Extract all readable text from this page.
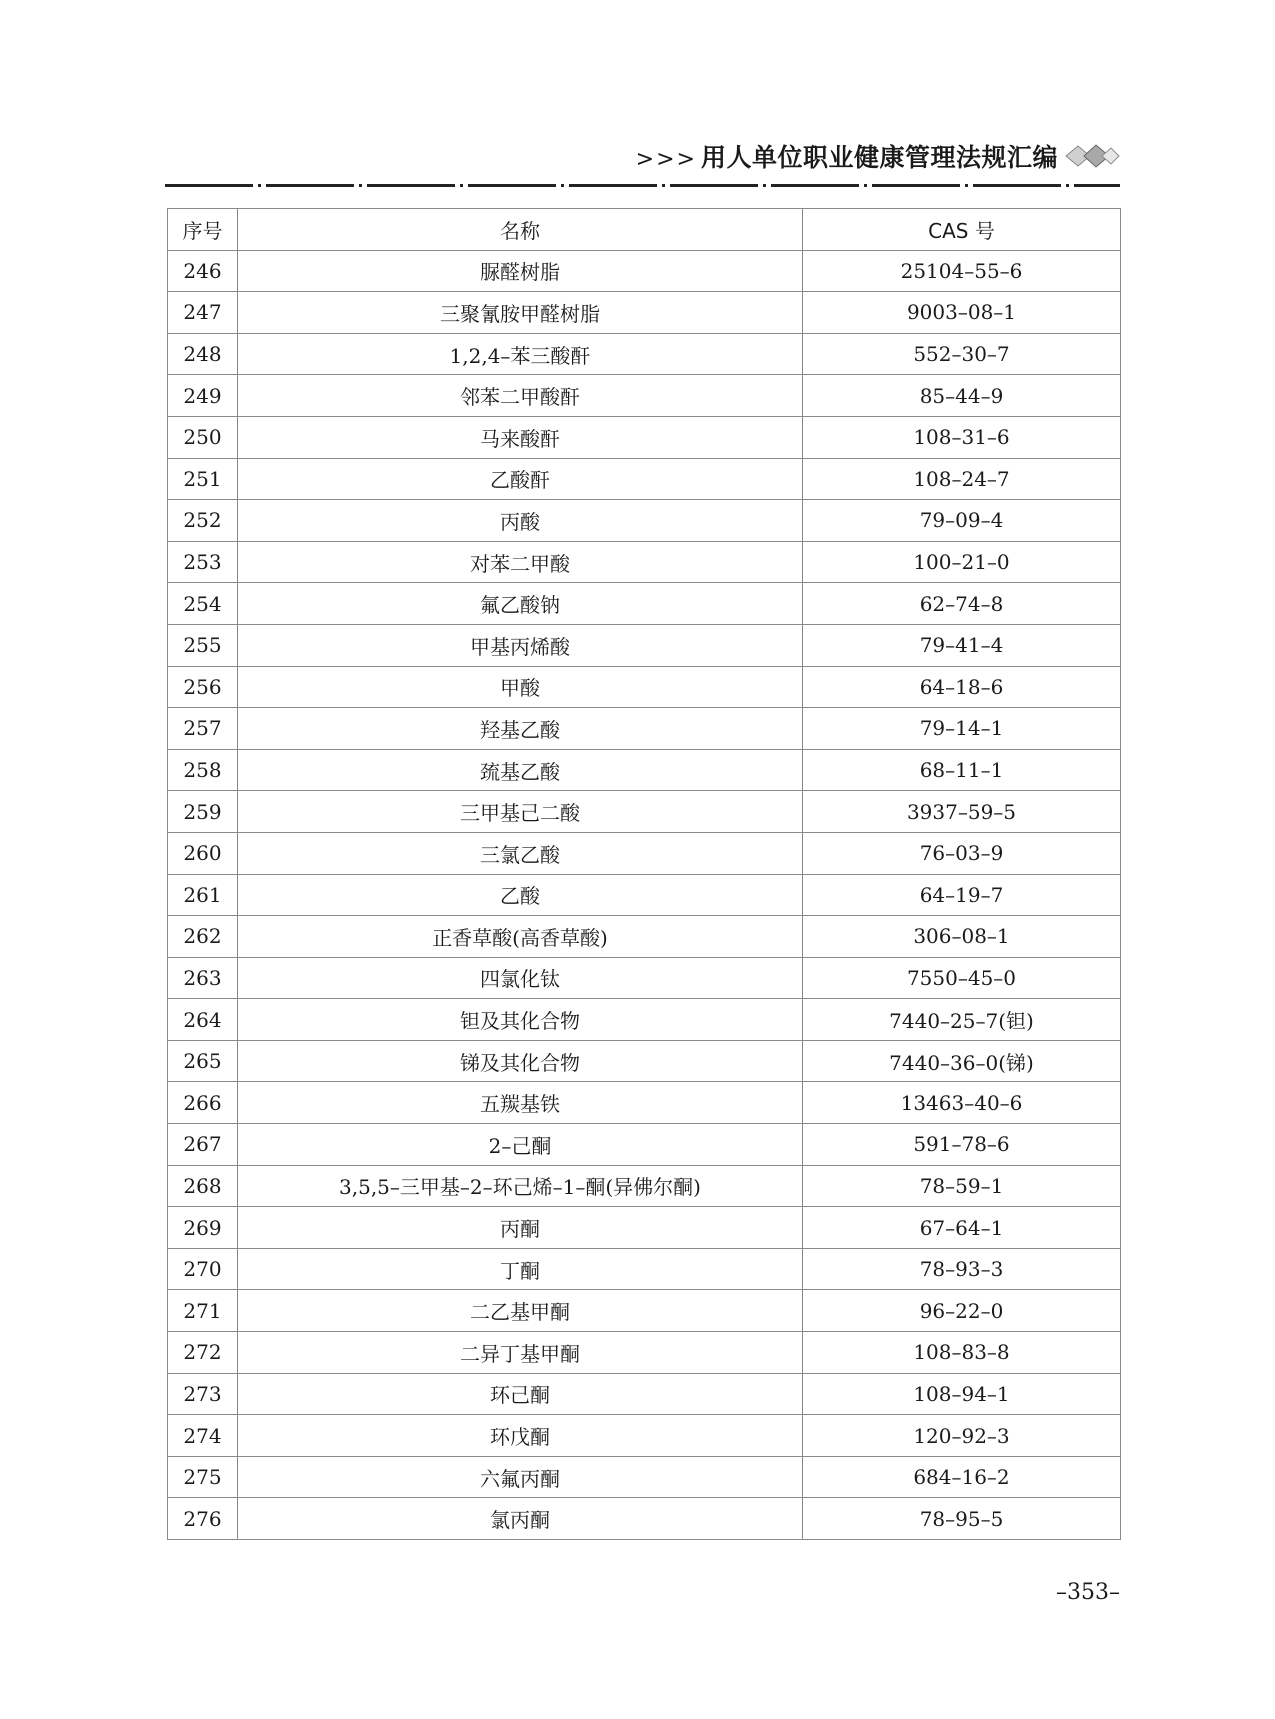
>>> 用人单位职业健康管理法规汇编
序号	名称	CAS 号
246	脲醛树脂	25104–55–6
247	三聚氰胺甲醛树脂	9003–08–1
248	1,2,4–苯三酸酐	552–30–7
249	邻苯二甲酸酐	85–44–9
250	马来酸酐	108–31–6
251	乙酸酐	108–24–7
252	丙酸	79–09–4
253	对苯二甲酸	100–21–0
254	氟乙酸钠	62–74–8
255	甲基丙烯酸	79–41–4
256	甲酸	64–18–6
257	羟基乙酸	79–14–1
258	巯基乙酸	68–11–1
259	三甲基己二酸	3937–59–5
260	三氯乙酸	76–03–9
261	乙酸	64–19–7
262	正香草酸(高香草酸)	306–08–1
263	四氯化钛	7550–45–0
264	钽及其化合物	7440–25–7(钽)
265	锑及其化合物	7440–36–0(锑)
266	五羰基铁	13463–40–6
267	2–己酮	591–78–6
268	3,5,5–三甲基–2–环己烯–1–酮(异佛尔酮)	78–59–1
269	丙酮	67–64–1
270	丁酮	78–93–3
271	二乙基甲酮	96–22–0
272	二异丁基甲酮	108–83–8
273	环己酮	108–94–1
274	环戊酮	120–92–3
275	六氟丙酮	684–16–2
276	氯丙酮	78–95–5
–353–
